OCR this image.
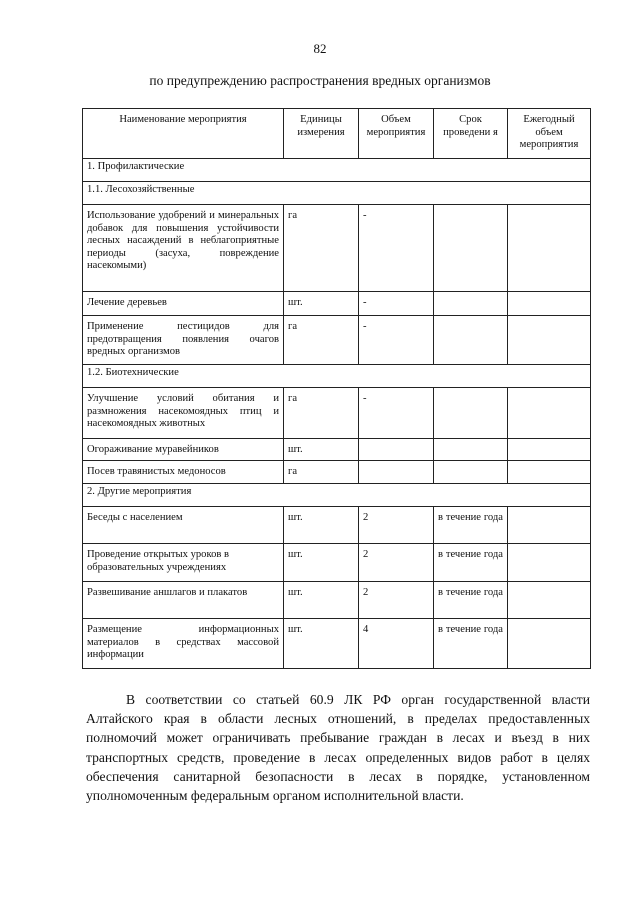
82
по предупреждению распространения вредных организмов
Наименование мероприятия	Единицы измерения	Объем мероприятия	Срок проведени я	Ежегодный объем мероприятия
1. Профилактические				
1.1. Лесохозяйственные				
Использование удобрений и минеральных добавок для повышения устойчивости лесных насаждений в неблагоприятные периоды (засуха, повреждение насекомыми)	га	-		
Лечение деревьев	шт.	-		
Применение пестицидов для предотвращения появления очагов вредных организмов	га	-		
1.2. Биотехнические				
Улучшение условий обитания и размножения насекомоядных птиц и насекомоядных животных	га	-		
Огораживание муравейников	шт.			
Посев травянистых медоносов	га			
2. Другие мероприятия				
Беседы с населением	шт.	2	в течение года	
Проведение открытых уроков в образовательных учреждениях	шт.	2	в течение года	
Развешивание аншлагов и плакатов	шт.	2	в течение года	
Размещение информационных материалов в средствах массовой информации	шт.	4	в течение года	

В соответствии со статьей 60.9 ЛК РФ орган государственной власти Алтайского края в области лесных отношений, в пределах предоставленных полномочий может ограничивать пребывание граждан в лесах и въезд в них транспортных средств, проведение в лесах определенных видов работ в целях обеспечения санитарной безопасности в лесах в порядке, установленном уполномоченным федеральным органом исполнительной власти.
